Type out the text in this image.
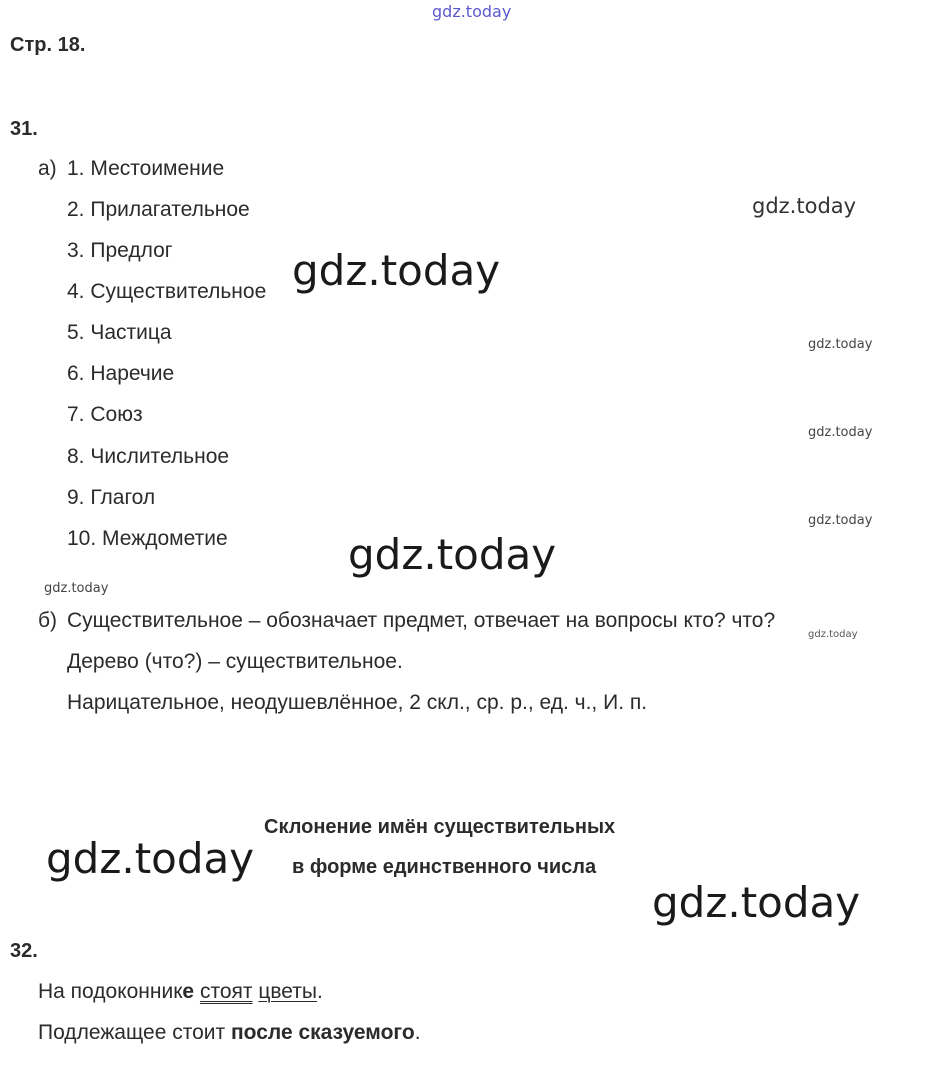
gdz.today
gdz.today
gdz.today
gdz.today
gdz.today
gdz.today
gdz.today
gdz.today
gdz.today
gdz.today
gdz.today
Стр. 18.
31.
а) 1. Местоимение
2. Прилагательное
3. Предлог
4. Существительное
5. Частица
6. Наречие
7. Союз
8. Числительное
9. Глагол
10. Междометие
б) Существительное – обозначает предмет, отвечает на вопросы кто? что?
Дерево (что?) – существительное.
Нарицательное, неодушевлённое, 2 скл., ср. р., ед. ч., И. п.
Склонение имён существительных
в форме единственного числа
32.
На подоконнике стоят цветы.
Подлежащее стоит после сказуемого.
